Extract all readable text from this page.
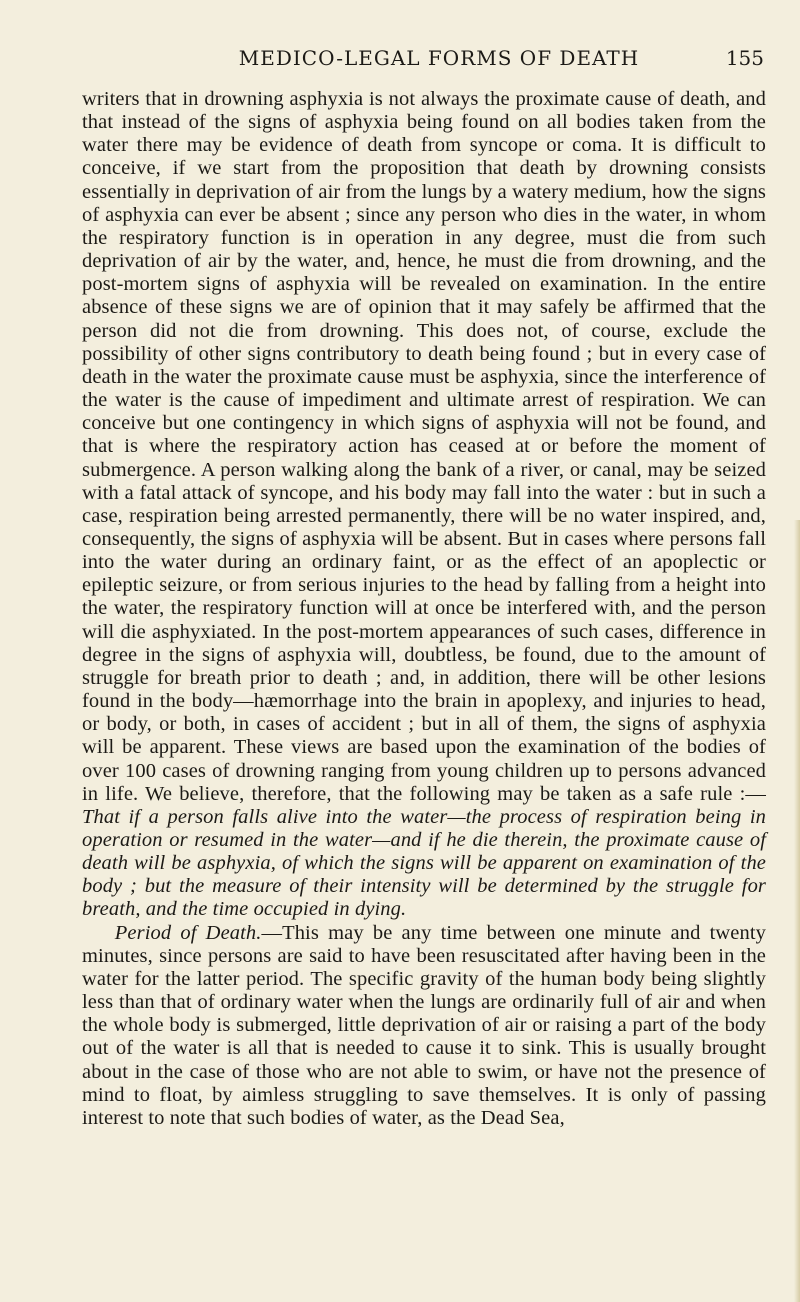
MEDICO-LEGAL FORMS OF DEATH	155

writers that in drowning asphyxia is not always the proximate cause of death, and that instead of the signs of asphyxia being found on all bodies taken from the water there may be evidence of death from syncope or coma. It is difficult to conceive, if we start from the proposition that death by drowning consists essentially in deprivation of air from the lungs by a watery medium, how the signs of asphyxia can ever be absent ; since any person who dies in the water, in whom the respiratory function is in operation in any degree, must die from such deprivation of air by the water, and, hence, he must die from drowning, and the post-mortem signs of asphyxia will be revealed on examination. In the entire absence of these signs we are of opinion that it may safely be affirmed that the person did not die from drowning. This does not, of course, exclude the possibility of other signs contributory to death being found ; but in every case of death in the water the proximate cause must be asphyxia, since the interference of the water is the cause of impediment and ultimate arrest of respiration. We can conceive but one contingency in which signs of asphyxia will not be found, and that is where the respiratory action has ceased at or before the moment of submergence. A person walking along the bank of a river, or canal, may be seized with a fatal attack of syncope, and his body may fall into the water : but in such a case, respiration being arrested permanently, there will be no water inspired, and, consequently, the signs of asphyxia will be absent. But in cases where persons fall into the water during an ordinary faint, or as the effect of an apoplectic or epileptic seizure, or from serious injuries to the head by falling from a height into the water, the respiratory function will at once be interfered with, and the person will die asphyxiated. In the post-mortem appearances of such cases, difference in degree in the signs of asphyxia will, doubtless, be found, due to the amount of struggle for breath prior to death ; and, in addition, there will be other lesions found in the body—hæmorrhage into the brain in apoplexy, and injuries to head, or body, or both, in cases of accident ; but in all of them, the signs of asphyxia will be apparent. These views are based upon the examination of the bodies of over 100 cases of drowning ranging from young children up to persons advanced in life. We believe, therefore, that the following may be taken as a safe rule :—That if a person falls alive into the water—the process of respiration being in operation or resumed in the water—and if he die therein, the proximate cause of death will be asphyxia, of which the signs will be apparent on examination of the body ; but the measure of their intensity will be determined by the struggle for breath, and the time occupied in dying.

Period of Death.—This may be any time between one minute and twenty minutes, since persons are said to have been resuscitated after having been in the water for the latter period. The specific gravity of the human body being slightly less than that of ordinary water when the lungs are ordinarily full of air and when the whole body is submerged, little deprivation of air or raising a part of the body out of the water is all that is needed to cause it to sink. This is usually brought about in the case of those who are not able to swim, or have not the presence of mind to float, by aimless struggling to save themselves. It is only of passing interest to note that such bodies of water, as the Dead Sea,
